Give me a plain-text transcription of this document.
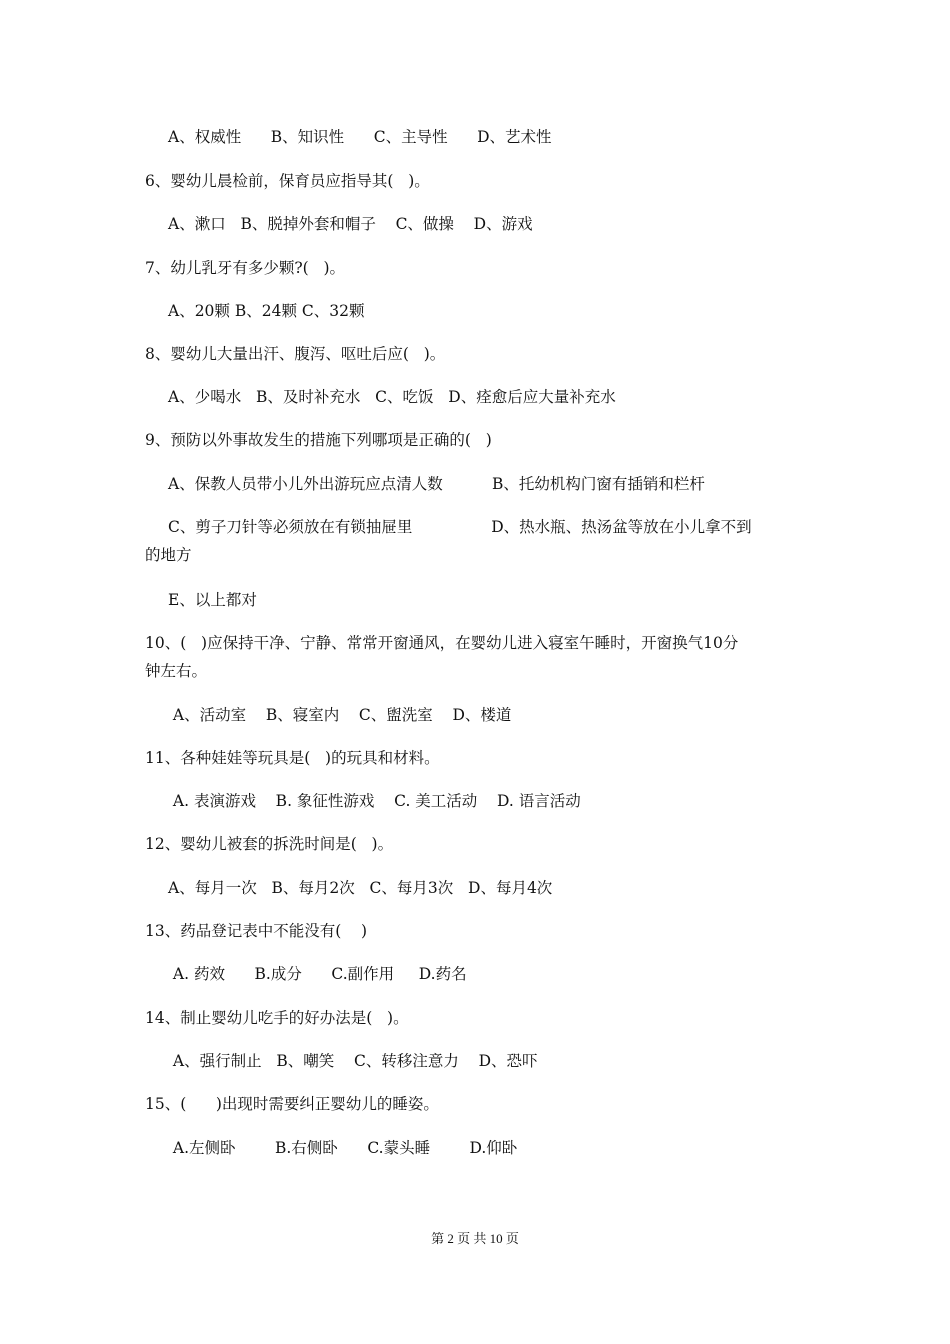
A、权威性      B、知识性      C、主导性      D、艺术性
6、婴幼儿晨检前，保育员应指导其(   )。
A、漱口   B、脱掉外套和帽子    C、做操    D、游戏
7、幼儿乳牙有多少颗?(   )。
A、20颗 B、24颗 C、32颗
8、婴幼儿大量出汗、腹泻、呕吐后应(   )。
A、少喝水   B、及时补充水   C、吃饭   D、痊愈后应大量补充水
9、预防以外事故发生的措施下列哪项是正确的(   )
A、保教人员带小儿外出游玩应点清人数          B、托幼机构门窗有插销和栏杆
C、剪子刀针等必须放在有锁抽屉里                D、热水瓶、热汤盆等放在小儿拿不到
的地方
E、以上都对
10、(   )应保持干净、宁静、常常开窗通风，在婴幼儿进入寝室午睡时，开窗换气10分
钟左右。
A、活动室    B、寝室内    C、盥洗室    D、楼道
11、各种娃娃等玩具是(   )的玩具和材料。
A. 表演游戏    B. 象征性游戏    C. 美工活动    D. 语言活动
12、婴幼儿被套的拆洗时间是(   )。
A、每月一次   B、每月2次   C、每月3次   D、每月4次
13、药品登记表中不能没有(    )
A. 药效      B.成分      C.副作用     D.药名
14、制止婴幼儿吃手的好办法是(   )。
A、强行制止   B、嘲笑    C、转移注意力    D、恐吓
15、(      )出现时需要纠正婴幼儿的睡姿。
A.左侧卧        B.右侧卧      C.蒙头睡        D.仰卧
第 2 页 共 10 页
